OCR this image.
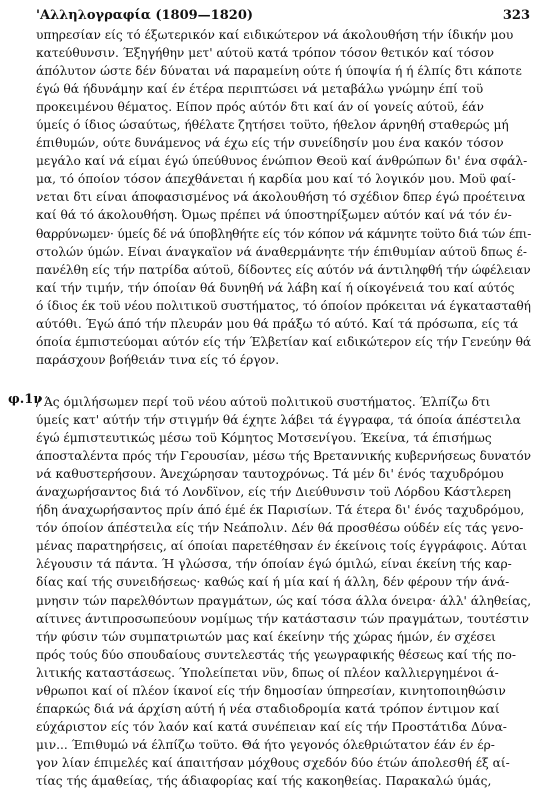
'Αλληλογραφία (1809—1820)	323
φ.1ν
υπηρεσίαν είς τό έξωτερικόν καί ειδικώτερον νά άκολουθήση τήν ίδικήν μου
κατεύθυνσιν. Έξηγήθην μετ' αύτοϋ κατά τρόπον τόσον θετικόν καί τόσον
άπόλυτον ώστε δέν δύναται νά παραμείνη ούτε ή ύποψία ή ή έλπίς δτι κάποτε
έγώ θά ήδυνάμην καί έν έτέρα περιπτώσει νά μεταβάλω γνώμην έπί τοϋ
προκειμένου θέματος. Είπον πρός αύτόν δτι καί άν οί γονείς αύτοϋ, έάν
ύμείς ό ίδιος ώσαύτως, ήθέλατε ζητήσει τοϋτο, ήθελον άρνηθή σταθερώς μή
έπιθυμών, ούτε δυνάμενος νά έχω είς τήν συνείδησίν μου ένα κακόν τόσον
μεγάλο καί νά είμαι έγώ ύπεύθυνος ένώπιον Θεοϋ καί άνθρώπων δι' ένα σφάλ-
μα, τό όποίον τόσον άπεχθάνεται ή καρδία μου καί τό λογικόν μου. Μοϋ φαί-
νεται δτι είναι άποφασισμένος νά άκολουθήση τό σχέδιον δπερ έγώ προέτεινα
καί θά τό άκολουθήση. Όμως πρέπει νά ύποστηρίξωμεν αύτόν καί νά τόν έν-
θαρρύνωμεν· ύμείς δέ νά ύποβληθήτε είς τόν κόπον νά κάμνητε τοϋτο διά τών έπι-
στολών ύμών. Είναι άναγκαϊον νά άναθερμάνητε τήν έπιθυμίαν αύτοϋ δπως έ-
πανέλθη είς τήν πατρίδα αύτοϋ, δίδοντες είς αύτόν νά άντιληφθή τήν ώφέλειαν
καί τήν τιμήν, τήν όποίαν θά δυνηθή νά λάβη καί ή οίκογένειά του καί αύτός
ό ίδιος έκ τοϋ νέου πολιτικοϋ συστήματος, τό όποίον πρόκειται νά έγκατασταθή
αύτόθι. Έγώ άπό τήν πλευράν μου θά πράξω τό αύτό. Καί τά πρόσωπα, είς τά
όποία έμπιστεύομαι αύτόν είς τήν Έλβετίαν καί ειδικώτερον είς τήν Γενεύην θά
παράσχουν βοήθειάν τινα είς τό έργον.
/ Άς όμιλήσωμεν περί τοϋ νέου αύτοϋ πολιτικοϋ συστήματος. Έλπίζω δτι
ύμείς κατ' αύτήν τήν στιγμήν θά έχητε λάβει τά έγγραφα, τά όποία άπέστειλα
έγώ έμπιστευτικώς μέσω τοϋ Κόμητος Μοτσενίγου. Έκείνα, τά έπισήμως
άποσταλέντα πρός τήν Γερουσίαν, μέσω τής Βρεταννικής κυβερνήσεως δυνατόν
νά καθυστερήσουν. Άνεχώρησαν ταυτοχρόνως. Τά μέν δι' ένός ταχυδρόμου
άναχωρήσαντος διά τό Λονδϊνον, είς τήν Διεύθυνσιν τοϋ Λόρδου Κάστλερεη
ήδη άναχωρήσαντος πρίν άπό έμέ έκ Παρισίων. Τά έτερα δι' ένός ταχυδρόμου,
τόν όποίον άπέστειλα είς τήν Νεάπολιν. Δέν θά προσθέσω ούδέν είς τάς γενο-
μένας παρατηρήσεις, αί όποίαι παρετέθησαν έν έκείνοις τοίς έγγράφοις. Αύται
λέγουσιν τά πάντα. Ή γλώσσα, τήν όποίαν έγώ όμιλώ, είναι έκείνη τής καρ-
δίας καί τής συνειδήσεως· καθώς καί ή μία καί ή άλλη, δέν φέρουν τήν άνά-
μνησιν τών παρελθόντων πραγμάτων, ώς καί τόσα άλλα όνειρα· άλλ' άληθείας,
αίτινες άντιπροσωπεύουν νομίμως τήν κατάστασιν τών πραγμάτων, τουτέστιν
τήν φύσιν τών συμπατριωτών μας καί έκείνην τής χώρας ήμών, έν σχέσει
πρός τούς δύο σπουδαίους συντελεστάς τής γεωγραφικής θέσεως καί τής πο-
λιτικής καταστάσεως. Ύπολείπεται νϋν, δπως οί πλέον καλλιεργημένοι ά-
νθρωποι καί οί πλέον ίκανοί είς τήν δημοσίαν ύπηρεσίαν, κινητοποιηθώσιν
έπαρκώς διά νά άρχίση αύτή ή νέα σταδιοδρομία κατά τρόπον έντιμον καί
εύχάριστον είς τόν λαόν καί κατά συνέπειαν καί είς τήν Προστάτιδα Δύνα-
μιν... Έπιθυμώ νά έλπίζω τοϋτο. Θά ήτο γεγονός όλεθριώτατον έάν έν έρ-
γον λίαν έπιμελές καί άπαιτήσαν μόχθους σχεδόν δύο έτών άπολεσθή έξ αί-
τίας τής άμαθείας, τής άδιαφορίας καί τής κακοηθείας. Παρακαλώ ύμάς,
